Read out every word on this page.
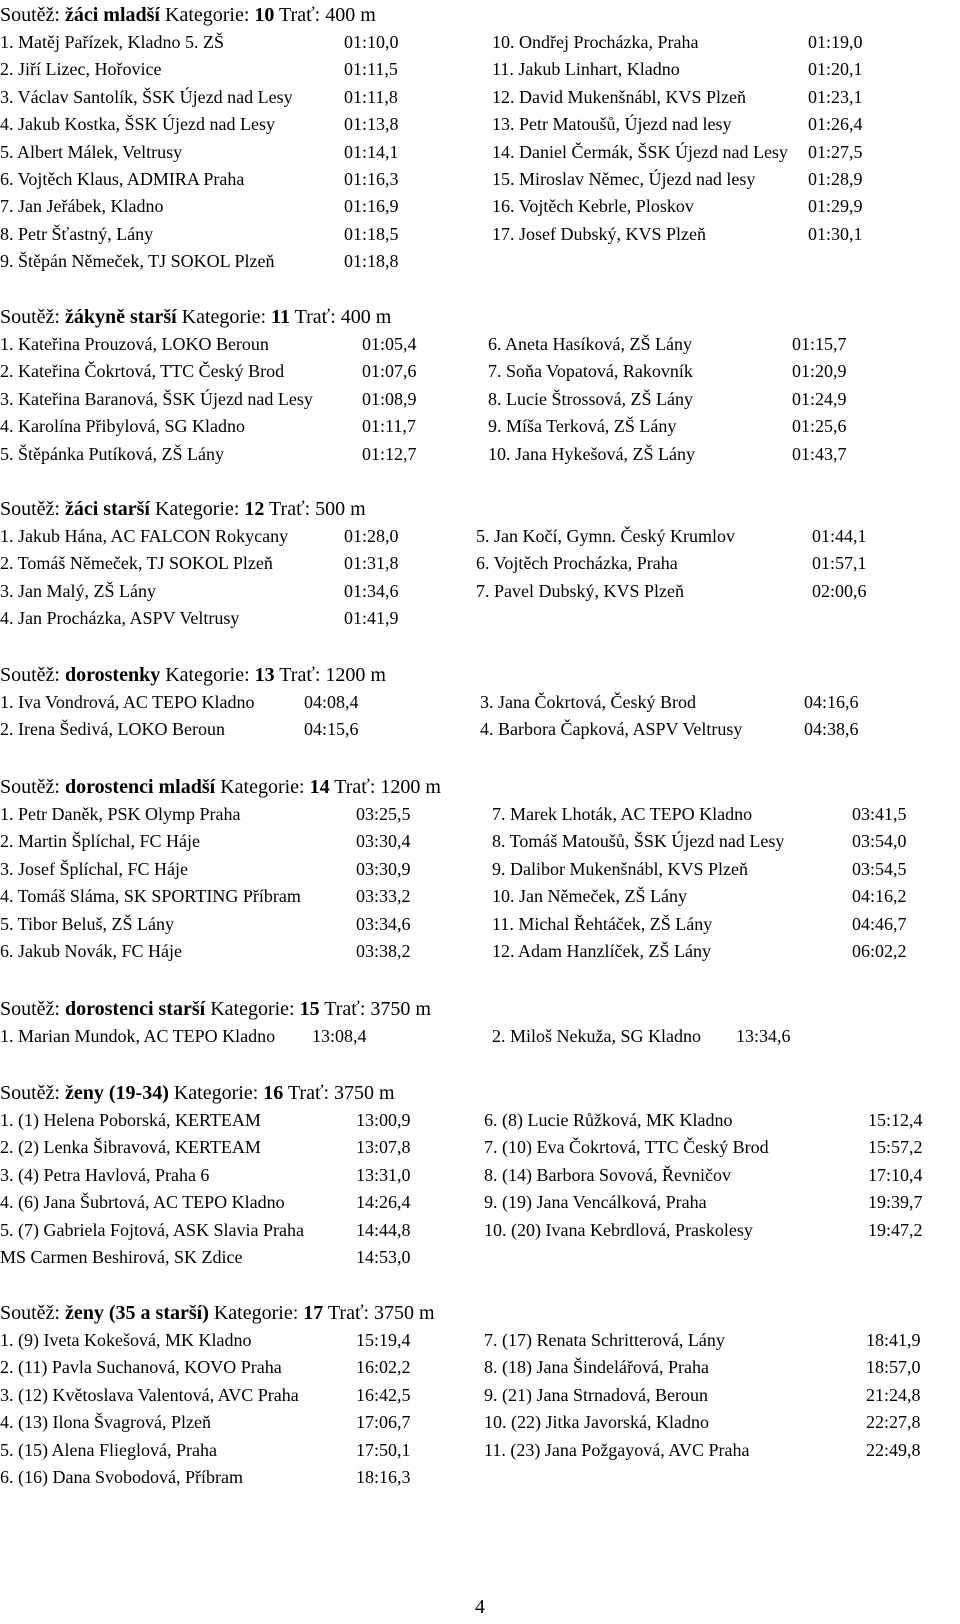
Soutěž: žáci mladší Kategorie: 10 Trať: 400 m
1. Matěj Pařízek, Kladno 5. ZŠ	01:10,0
2. Jiří Lizec, Hořovice	01:11,5
3. Václav Santolík, ŠSK Újezd nad Lesy	01:11,8
4. Jakub Kostka, ŠSK Újezd nad Lesy	01:13,8
5. Albert Málek, Veltrusy	01:14,1
6. Vojtěch Klaus, ADMIRA Praha	01:16,3
7. Jan Jeřábek, Kladno	01:16,9
8. Petr Šťastný, Lány	01:18,5
9. Štěpán Němeček, TJ SOKOL Plzeň	01:18,8
10. Ondřej Procházka, Praha	01:19,0
11. Jakub Linhart, Kladno	01:20,1
12. David Mukenšnábl, KVS Plzeň	01:23,1
13. Petr Matoušů, Újezd nad lesy	01:26,4
14. Daniel Čermák, ŠSK Újezd nad Lesy 01:27,5
15. Miroslav Němec, Újezd nad lesy	01:28,9
16. Vojtěch Kebrle, Ploskov	01:29,9
17. Josef Dubský, KVS Plzeň	01:30,1
Soutěž: žákyně starší Kategorie: 11 Trať: 400 m
1. Kateřina Prouzová, LOKO Beroun	01:05,4
2. Kateřina Čokrtová, TTC Český Brod	01:07,6
3. Kateřina Baranová, ŠSK Újezd nad Lesy	01:08,9
4. Karolína Přibylová, SG Kladno	01:11,7
5. Štěpánka Putíková, ZŠ Lány	01:12,7
6. Aneta Hasíková, ZŠ Lány	01:15,7
7. Soňa Vopatová, Rakovník	01:20,9
8. Lucie Štrossová, ZŠ Lány	01:24,9
9. Míša Terková, ZŠ Lány	01:25,6
10. Jana Hykešová, ZŠ Lány	01:43,7
Soutěž: žáci starší Kategorie: 12 Trať: 500 m
1. Jakub Hána, AC FALCON Rokycany	01:28,0
2. Tomáš Němeček, TJ SOKOL Plzeň	01:31,8
3. Jan Malý, ZŠ Lány	01:34,6
4. Jan Procházka, ASPV Veltrusy	01:41,9
5. Jan Kočí, Gymn. Český Krumlov	01:44,1
6. Vojtěch Procházka, Praha	01:57,1
7. Pavel Dubský, KVS Plzeň	02:00,6
Soutěž: dorostenky Kategorie: 13 Trať: 1200 m
1. Iva Vondrová, AC TEPO Kladno	04:08,4
2. Irena Šedivá, LOKO Beroun	04:15,6
3. Jana Čokrtová, Český Brod	04:16,6
4. Barbora Čapková, ASPV Veltrusy	04:38,6
Soutěž: dorostenci mladší Kategorie: 14 Trať: 1200 m
1. Petr Daněk, PSK Olymp Praha	03:25,5
2. Martin Šplíchal, FC Háje	03:30,4
3. Josef Šplíchal, FC Háje	03:30,9
4. Tomáš Sláma, SK SPORTING Příbram	03:33,2
5. Tibor Beluš, ZŠ Lány	03:34,6
6. Jakub Novák, FC Háje	03:38,2
7. Marek Lhoták, AC TEPO Kladno	03:41,5
8. Tomáš Matoušů, ŠSK Újezd nad Lesy	03:54,0
9. Dalibor Mukenšnábl, KVS Plzeň	03:54,5
10. Jan Němeček, ZŠ Lány	04:16,2
11. Michal Řehtáček, ZŠ Lány	04:46,7
12. Adam Hanzlíček, ZŠ Lány	06:02,2
Soutěž: dorostenci starší Kategorie: 15 Trať: 3750 m
1. Marian Mundok, AC TEPO Kladno 13:08,4	2. Miloš Nekuža, SG Kladno 13:34,6
Soutěž: ženy (19-34) Kategorie: 16 Trať: 3750 m
1. (1) Helena Poborská, KERTEAM	13:00,9
2. (2) Lenka Šibravová, KERTEAM	13:07,8
3. (4) Petra Havlová, Praha 6	13:31,0
4. (6) Jana Šubrtová, AC TEPO Kladno	14:26,4
5. (7) Gabriela Fojtová, ASK Slavia Praha	14:44,8
MS Carmen Beshirová, SK Zdice	14:53,0
6. (8) Lucie Růžková, MK Kladno	15:12,4
7. (10) Eva Čokrtová, TTC Český Brod	15:57,2
8. (14) Barbora Sovová, Řevničov	17:10,4
9. (19) Jana Vencálková, Praha	19:39,7
10. (20) Ivana Kebrdlová, Praskolesy	19:47,2
Soutěž: ženy (35 a starší) Kategorie: 17 Trať: 3750 m
1. (9) Iveta Kokešová, MK Kladno	15:19,4
2. (11) Pavla Suchanová, KOVO Praha	16:02,2
3. (12) Květoslava Valentová, AVC Praha	16:42,5
4. (13) Ilona Švagrová, Plzeň	17:06,7
5. (15) Alena Flieglová, Praha	17:50,1
6. (16) Dana Svobodová, Příbram	18:16,3
7. (17) Renata Schritterová, Lány	18:41,9
8. (18) Jana Šindelářová, Praha	18:57,0
9. (21) Jana Strnadová, Beroun	21:24,8
10. (22) Jitka Javorská, Kladno	22:27,8
11. (23) Jana Požgayová, AVC Praha	22:49,8
4
